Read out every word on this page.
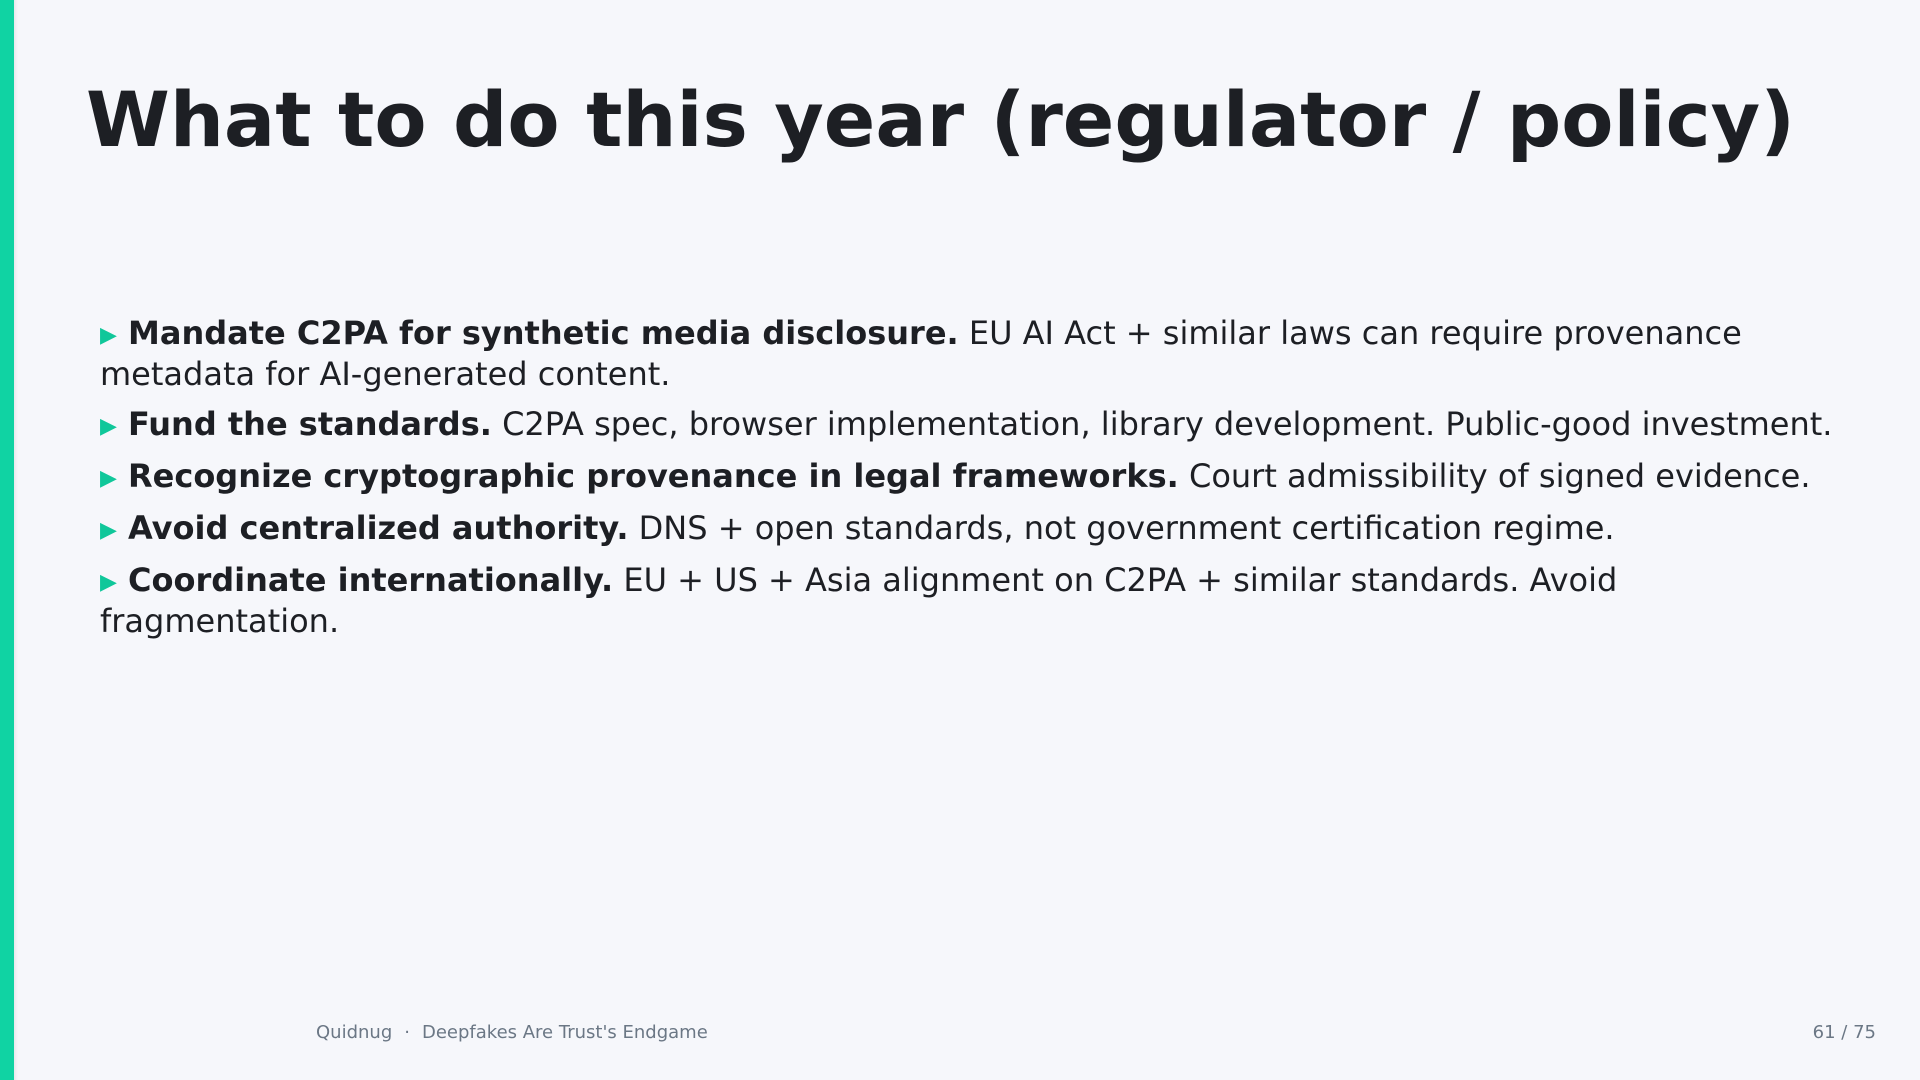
What to do this year (regulator / policy)
▶ Mandate C2PA for synthetic media disclosure. EU AI Act + similar laws can require provenance metadata for AI-generated content.
▶ Fund the standards. C2PA spec, browser implementation, library development. Public-good investment.
▶ Recognize cryptographic provenance in legal frameworks. Court admissibility of signed evidence.
▶ Avoid centralized authority. DNS + open standards, not government certification regime.
▶ Coordinate internationally. EU + US + Asia alignment on C2PA + similar standards. Avoid fragmentation.
Quidnug · Deepfakes Are Trust's Endgame	61 / 75
